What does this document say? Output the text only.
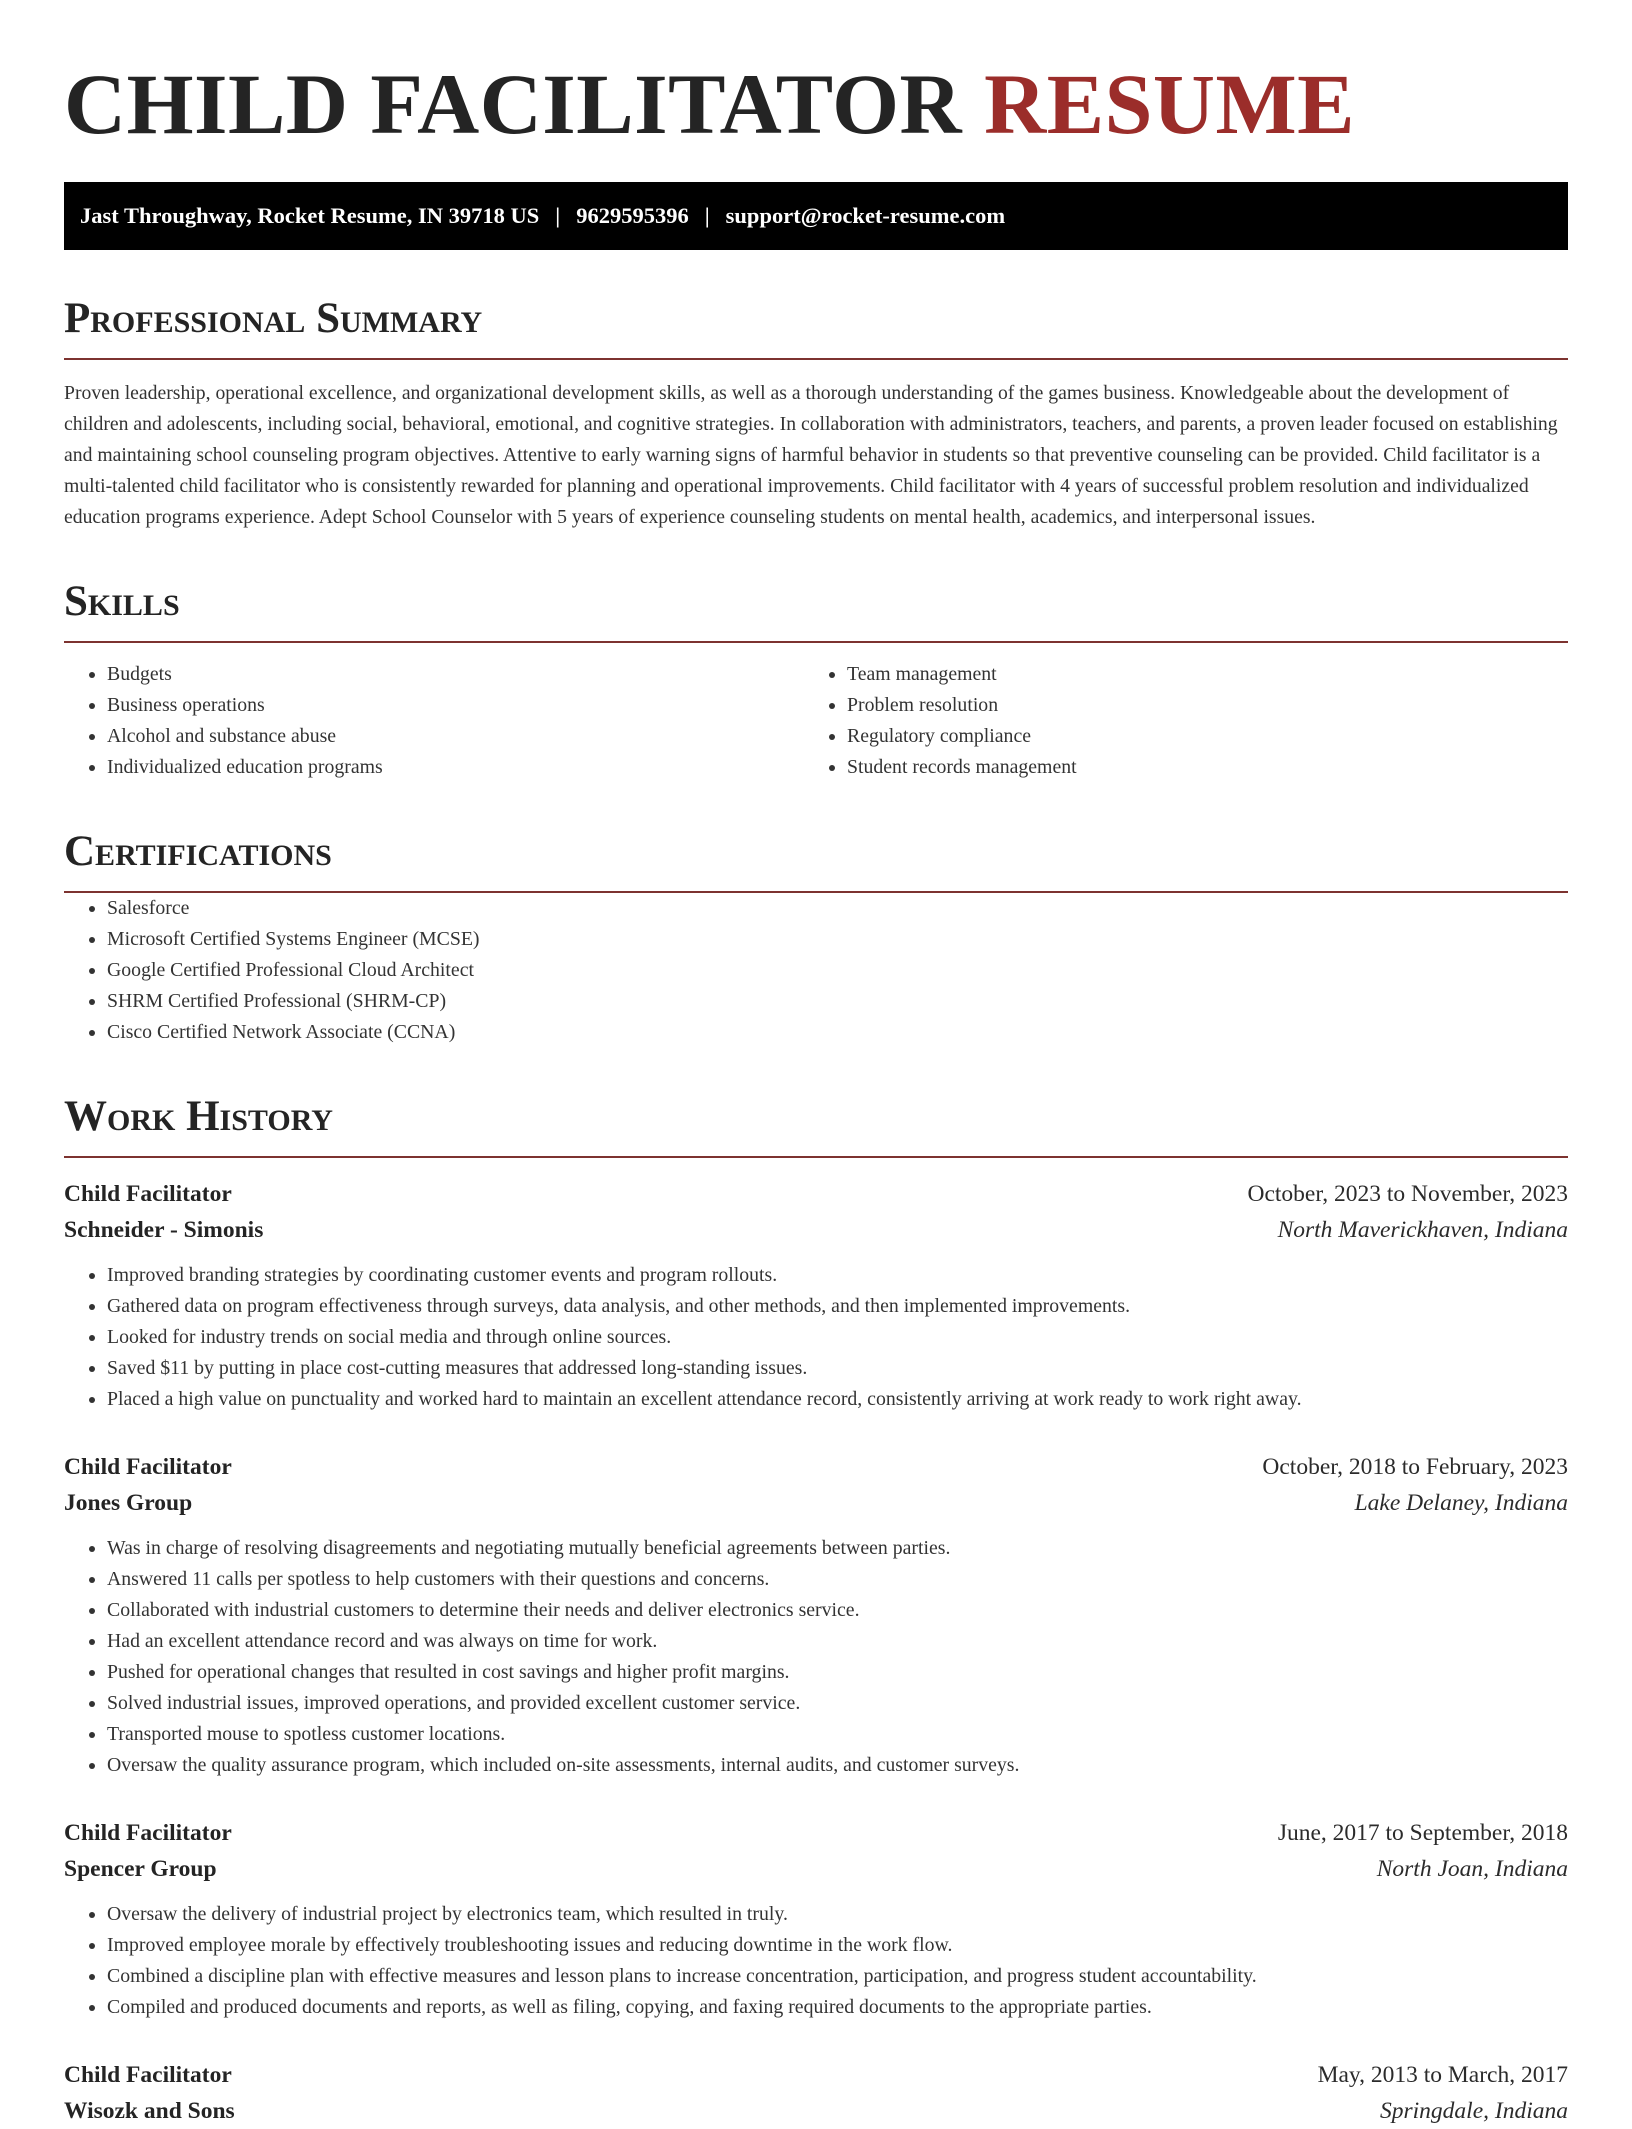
CHILD FACILITATOR RESUME
Jast Throughway, Rocket Resume, IN 39718 US | 9629595396 | support@rocket-resume.com
Professional Summary

Proven leadership, operational excellence, and organizational development skills, as well as a thorough understanding of the games business. Knowledgeable about the development of children and adolescents, including social, behavioral, emotional, and cognitive strategies. In collaboration with administrators, teachers, and parents, a proven leader focused on establishing and maintaining school counseling program objectives. Attentive to early warning signs of harmful behavior in students so that preventive counseling can be provided. Child facilitator is a multi-talented child facilitator who is consistently rewarded for planning and operational improvements. Child facilitator with 4 years of successful problem resolution and individualized education programs experience. Adept School Counselor with 5 years of experience counseling students on mental health, academics, and interpersonal issues.

Skills
• Budgets
• Business operations
• Alcohol and substance abuse
• Individualized education programs
• Team management
• Problem resolution
• Regulatory compliance
• Student records management
Certifications
• Salesforce
• Microsoft Certified Systems Engineer (MCSE)
• Google Certified Professional Cloud Architect
• SHRM Certified Professional (SHRM-CP)
• Cisco Certified Network Associate (CCNA)
Work History
Child Facilitator	October, 2023 to November, 2023
Schneider - Simonis	North Maverickhaven, Indiana
• Improved branding strategies by coordinating customer events and program rollouts.
• Gathered data on program effectiveness through surveys, data analysis, and other methods, and then implemented improvements.
• Looked for industry trends on social media and through online sources.
• Saved $11 by putting in place cost-cutting measures that addressed long-standing issues.
• Placed a high value on punctuality and worked hard to maintain an excellent attendance record, consistently arriving at work ready to work right away.
Child Facilitator	October, 2018 to February, 2023
Jones Group	Lake Delaney, Indiana
• Was in charge of resolving disagreements and negotiating mutually beneficial agreements between parties.
• Answered 11 calls per spotless to help customers with their questions and concerns.
• Collaborated with industrial customers to determine their needs and deliver electronics service.
• Had an excellent attendance record and was always on time for work.
• Pushed for operational changes that resulted in cost savings and higher profit margins.
• Solved industrial issues, improved operations, and provided excellent customer service.
• Transported mouse to spotless customer locations.
• Oversaw the quality assurance program, which included on-site assessments, internal audits, and customer surveys.
Child Facilitator	June, 2017 to September, 2018
Spencer Group	North Joan, Indiana
• Oversaw the delivery of industrial project by electronics team, which resulted in truly.
• Improved employee morale by effectively troubleshooting issues and reducing downtime in the work flow.
• Combined a discipline plan with effective measures and lesson plans to increase concentration, participation, and progress student accountability.
• Compiled and produced documents and reports, as well as filing, copying, and faxing required documents to the appropriate parties.
Child Facilitator	May, 2013 to March, 2017
Wisozk and Sons	Springdale, Indiana
